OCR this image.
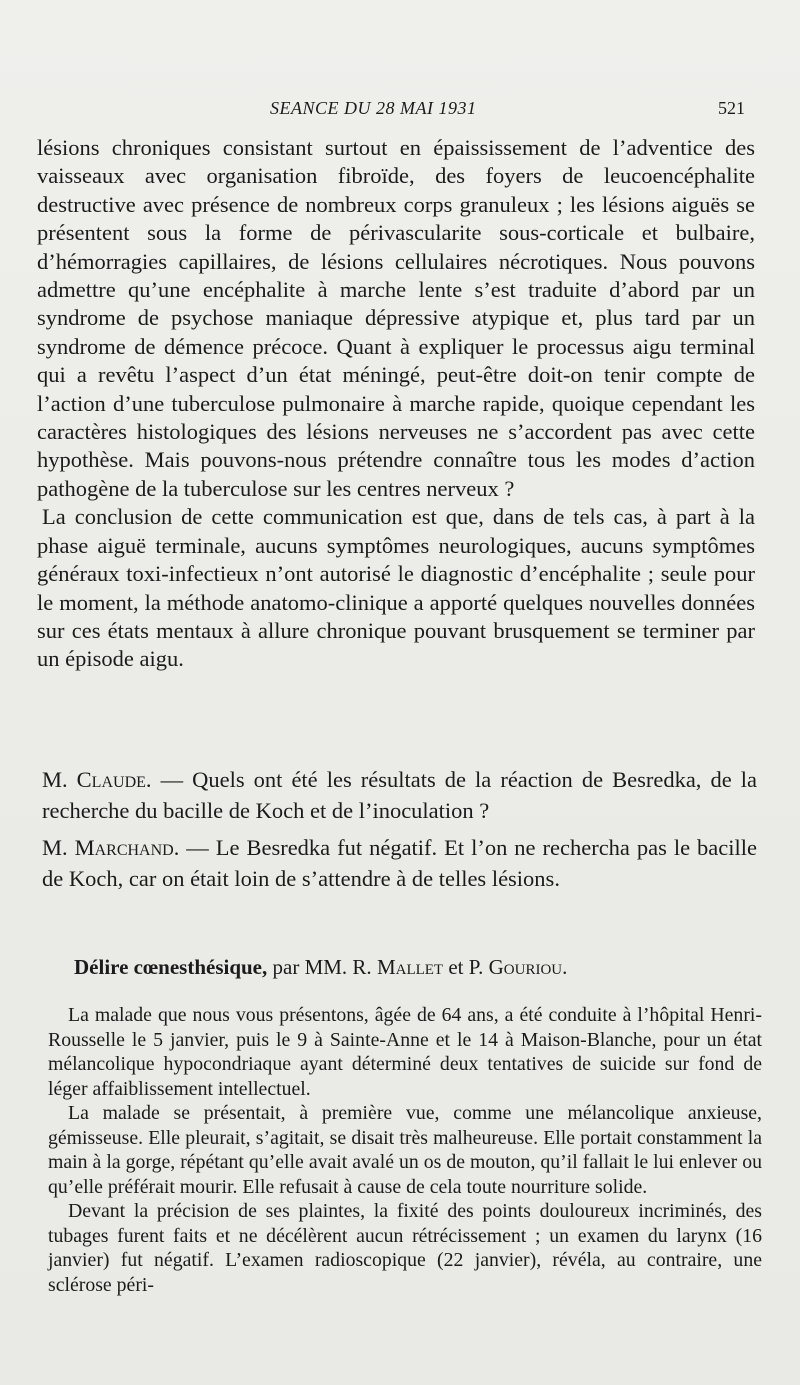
SEANCE DU 28 MAI 1931	521

lésions chroniques consistant surtout en épaississement de l’adventice des vaisseaux avec organisation fibroïde, des foyers de leucoencéphalite destructive avec présence de nombreux corps granuleux ; les lésions aiguës se présentent sous la forme de périvascularite sous-corticale et bulbaire, d’hémorragies capillaires, de lésions cellulaires nécrotiques. Nous pouvons admettre qu’une encéphalite à marche lente s’est traduite d’abord par un syndrome de psychose maniaque dépressive atypique et, plus tard par un syndrome de démence précoce. Quant à expliquer le processus aigu terminal qui a revêtu l’aspect d’un état méningé, peut-être doit-on tenir compte de l’action d’une tuberculose pulmonaire à marche rapide, quoique cependant les caractères histologiques des lésions nerveuses ne s’accordent pas avec cette hypothèse. Mais pouvons-nous prétendre connaître tous les modes d’action pathogène de la tuberculose sur les centres nerveux ?

La conclusion de cette communication est que, dans de tels cas, à part à la phase aiguë terminale, aucuns symptômes neurologiques, aucuns symptômes généraux toxi-infectieux n’ont autorisé le diagnostic d’encéphalite ; seule pour le moment, la méthode anatomo-clinique a apporté quelques nouvelles données sur ces états mentaux à allure chronique pouvant brusquement se terminer par un épisode aigu.

M. Claude. — Quels ont été les résultats de la réaction de Besredka, de la recherche du bacille de Koch et de l’inoculation ?
M. Marchand. — Le Besredka fut négatif. Et l’on ne rechercha pas le bacille de Koch, car on était loin de s’attendre à de telles lésions.
Délire cœnesthésique, par MM. R. Mallet et P. Gouriou.

La malade que nous vous présentons, âgée de 64 ans, a été conduite à l’hôpital Henri-Rousselle le 5 janvier, puis le 9 à Sainte-Anne et le 14 à Maison-Blanche, pour un état mélancolique hypocondriaque ayant déterminé deux tentatives de suicide sur fond de léger affaiblissement intellectuel.

La malade se présentait, à première vue, comme une mélancolique anxieuse, gémisseuse. Elle pleurait, s’agitait, se disait très malheureuse. Elle portait constamment la main à la gorge, répétant qu’elle avait avalé un os de mouton, qu’il fallait le lui enlever ou qu’elle préférait mourir. Elle refusait à cause de cela toute nourriture solide.

Devant la précision de ses plaintes, la fixité des points douloureux incriminés, des tubages furent faits et ne décélèrent aucun rétrécissement ; un examen du larynx (16 janvier) fut négatif. L’examen radioscopique (22 janvier), révéla, au contraire, une sclérose péri-
